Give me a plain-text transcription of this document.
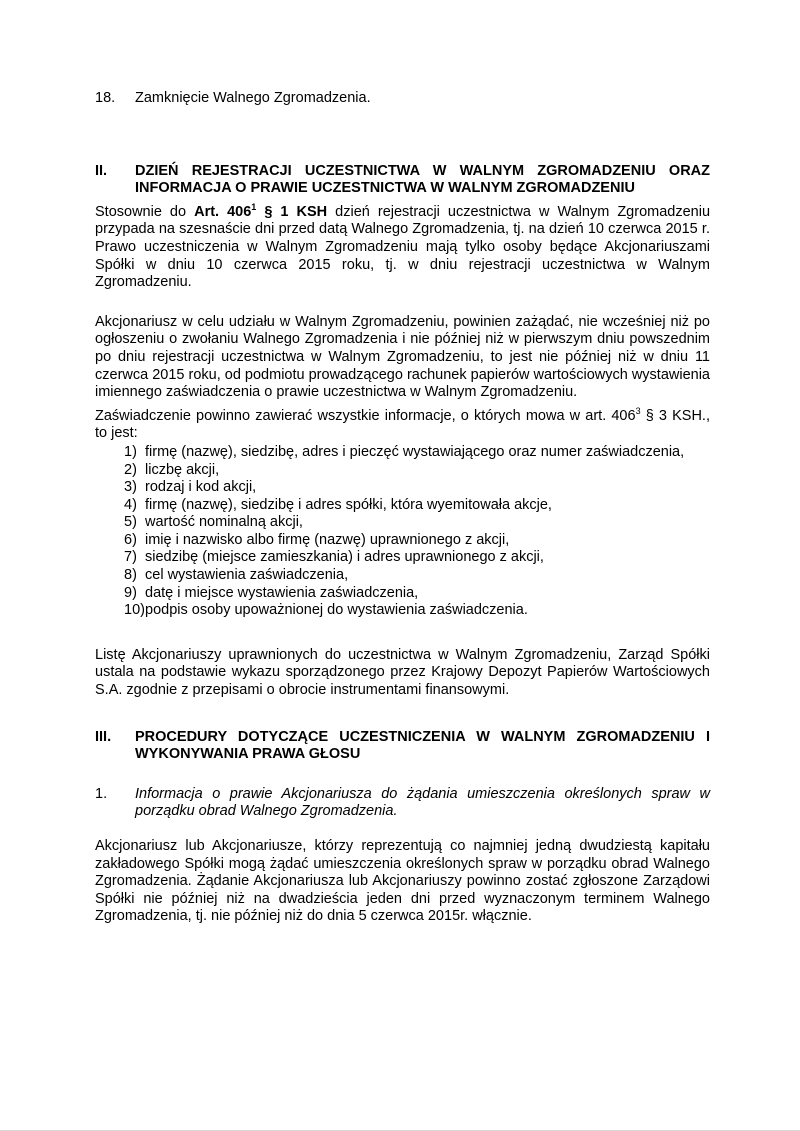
18. Zamknięcie Walnego Zgromadzenia.
II. DZIEŃ REJESTRACJI UCZESTNICTWA W WALNYM ZGROMADZENIU ORAZ INFORMACJA O PRAWIE UCZESTNICTWA W WALNYM ZGROMADZENIU

Stosownie do Art. $406^1$ § 1 KSH dzień rejestracji uczestnictwa w Walnym Zgromadzeniu przypada na szesnaście dni przed datą Walnego Zgromadzenia, tj. na dzień 10 czerwca 2015 r. Prawo uczestniczenia w Walnym Zgromadzeniu mają tylko osoby będące Akcjonariuszami Spółki w dniu 10 czerwca 2015 roku, tj. w dniu rejestracji uczestnictwa w Walnym Zgromadzeniu.

Akcjonariusz w celu udziału w Walnym Zgromadzeniu, powinien zażądać, nie wcześniej niż po ogłoszeniu o zwołaniu Walnego Zgromadzenia i nie później niż w pierwszym dniu powszednim po dniu rejestracji uczestnictwa w Walnym Zgromadzeniu, to jest nie później niż w dniu 11 czerwca 2015 roku, od podmiotu prowadzącego rachunek papierów wartościowych wystawienia imiennego zaświadczenia o prawie uczestnictwa w Walnym Zgromadzeniu.

Zaświadczenie powinno zawierać wszystkie informacje, o których mowa w art. $406^3$ § 3 KSH., to jest:

1) firmę (nazwę), siedzibę, adres i pieczęć wystawiającego oraz numer zaświadczenia,
2) liczbę akcji,
3) rodzaj i kod akcji,
4) firmę (nazwę), siedzibę i adres spółki, która wyemitowała akcje,
5) wartość nominalną akcji,
6) imię i nazwisko albo firmę (nazwę) uprawnionego z akcji,
7) siedzibę (miejsce zamieszkania) i adres uprawnionego z akcji,
8) cel wystawienia zaświadczenia,
9) datę i miejsce wystawienia zaświadczenia,
10)podpis osoby upoważnionej do wystawienia zaświadczenia.

Listę Akcjonariuszy uprawnionych do uczestnictwa w Walnym Zgromadzeniu, Zarząd Spółki ustala na podstawie wykazu sporządzonego przez Krajowy Depozyt Papierów Wartościowych S.A. zgodnie z przepisami o obrocie instrumentami finansowymi.

III. PROCEDURY DOTYCZĄCE UCZESTNICZENIA W WALNYM ZGROMADZENIU I WYKONYWANIA PRAWA GŁOSU
1. Informacja o prawie Akcjonariusza do żądania umieszczenia określonych spraw w porządku obrad Walnego Zgromadzenia.

Akcjonariusz lub Akcjonariusze, którzy reprezentują co najmniej jedną dwudziestą kapitału zakładowego Spółki mogą żądać umieszczenia określonych spraw w porządku obrad Walnego Zgromadzenia. Żądanie Akcjonariusza lub Akcjonariuszy powinno zostać zgłoszone Zarządowi Spółki nie później niż na dwadzieścia jeden dni przed wyznaczonym terminem Walnego Zgromadzenia, tj. nie później niż do dnia 5 czerwca 2015r. włącznie.
